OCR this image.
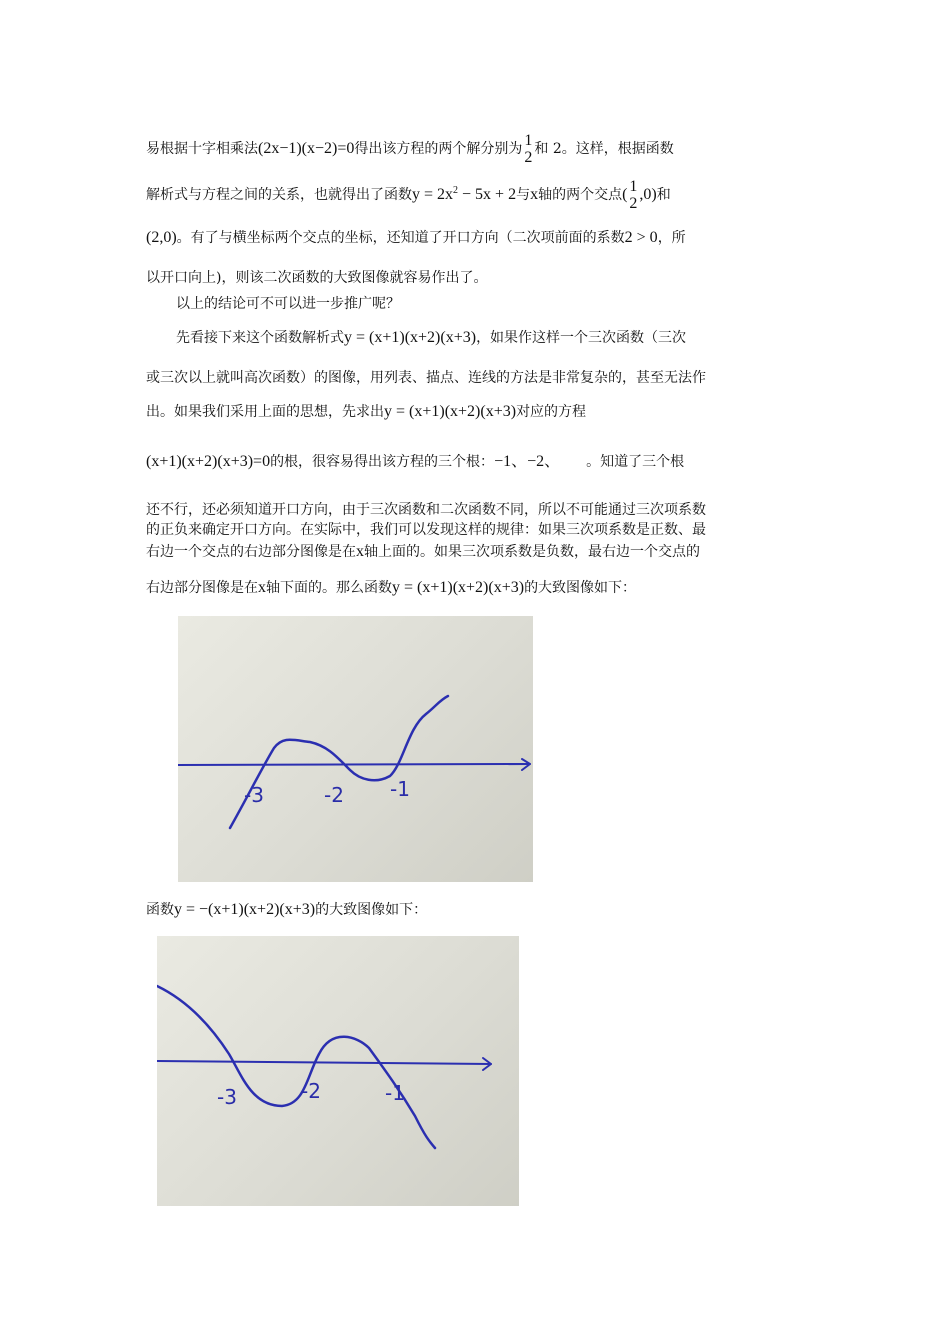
易根据十字相乘法(2x−1)(x−2)=0得出该方程的两个解分别为 1
2 和 2。这样，根据函数
解析式与方程之间的关系，也就得出了函数$y = 2x^2 - 5x + 2$与x轴的两个交点( 1
2
,0)和
(2,0)。有了与横坐标两个交点的坐标，还知道了开口方向（二次项前面的系数2 > 0，所
以开口向上)，则该二次函数的大致图像就容易作出了。
以上的结论可不可以进一步推广呢？
先看接下来这个函数解析式y = (x+1)(x+2)(x+3)，如果作这样一个三次函数（三次
或三次以上就叫高次函数）的图像，用列表、描点、连线的方法是非常复杂的，甚至无法作
出。如果我们采用上面的思想，先求出y = (x+1)(x+2)(x+3)对应的方程
(x+1)(x+2)(x+3)=0的根，很容易得出该方程的三个根：−1、−2、 。知道了三个根
还不行，还必须知道开口方向，由于三次函数和二次函数不同，所以不可能通过三次项系数
的正负来确定开口方向。在实际中，我们可以发现这样的规律：如果三次项系数是正数、最
右边一个交点的右边部分图像是在x轴上面的。如果三次项系数是负数，最右边一个交点的
右边部分图像是在x轴下面的。那么函数y = (x+1)(x+2)(x+3)的大致图像如下：
-3	-2 -1
函数y = −(x+1)(x+2)(x+3)的大致图像如下：
-3	-2	-1
